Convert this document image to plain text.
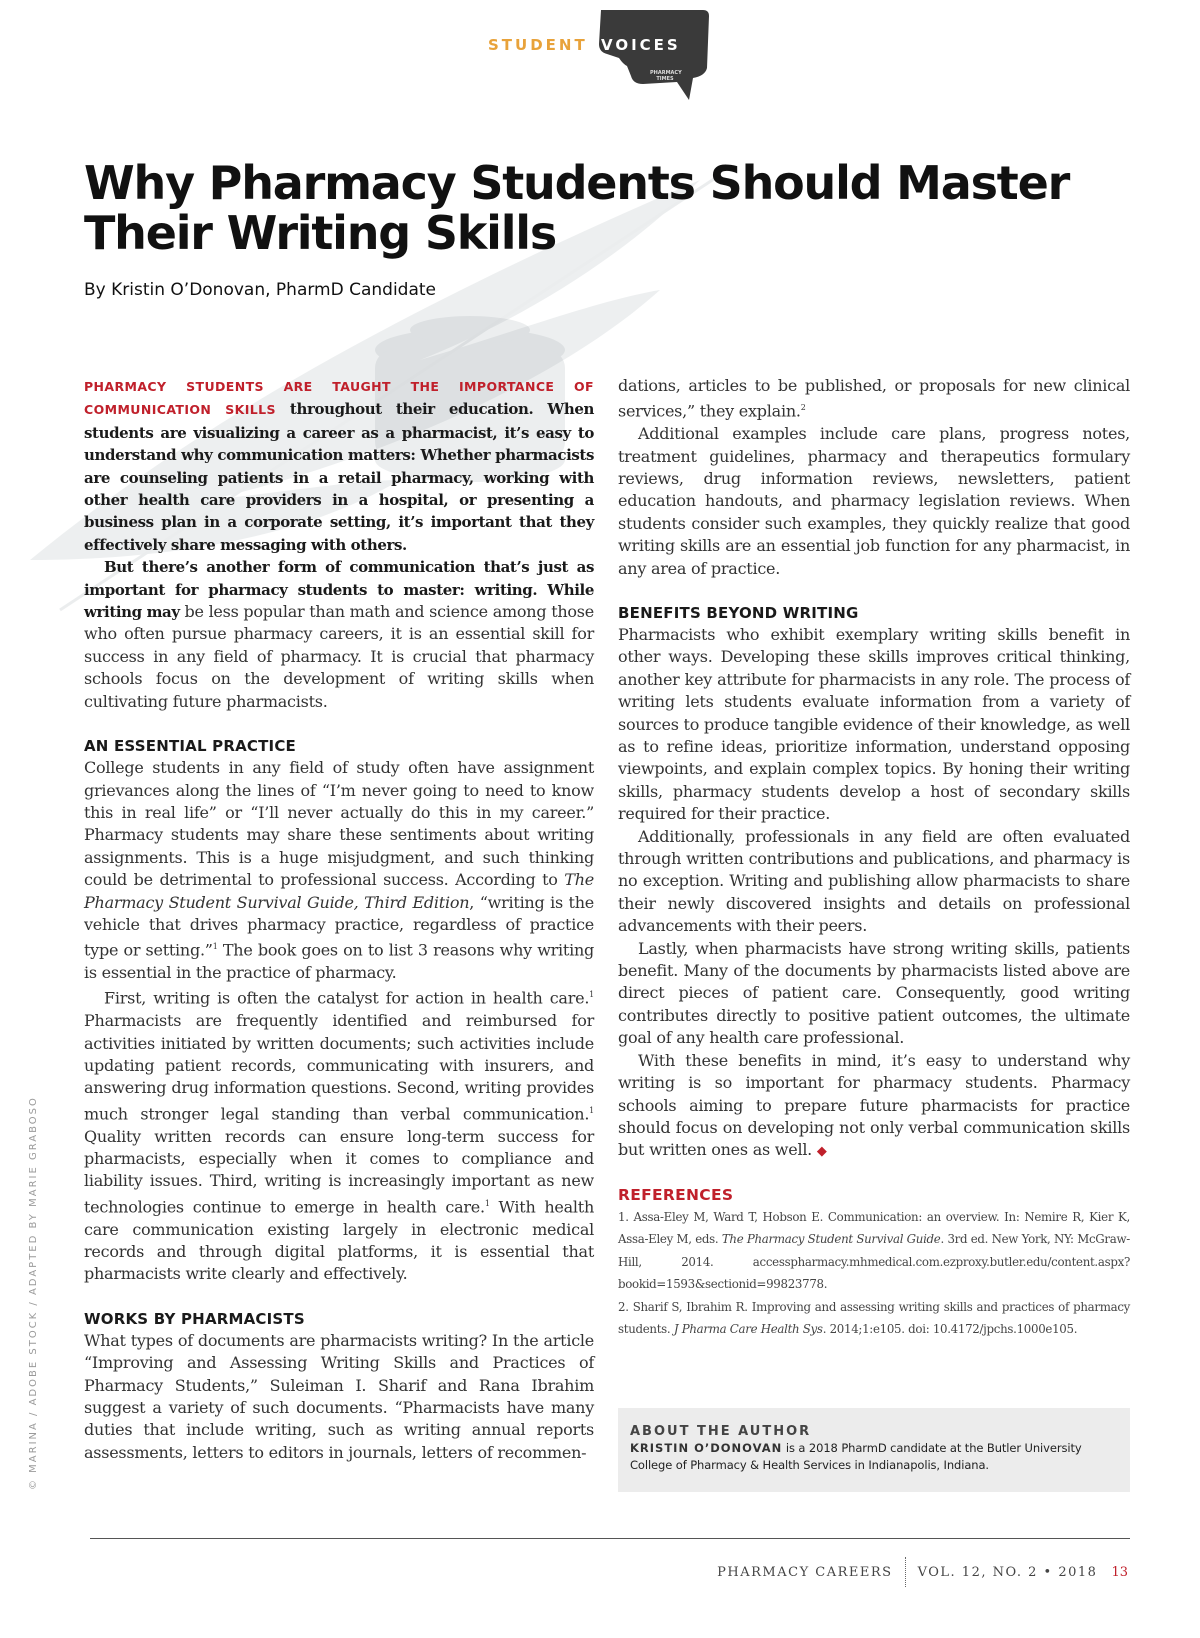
STUDENT VOICES
PHARMACY
TIMES
Why Pharmacy Students Should Master Their Writing Skills
By Kristin O’Donovan, PharmD Candidate

PHARMACY STUDENTS ARE TAUGHT THE IMPORTANCE OF COMMUNICATION SKILLS throughout their education. When students are visualizing a career as a pharmacist, it’s easy to understand why communication matters: Whether pharmacists are counseling patients in a retail pharmacy, working with other health care providers in a hospital, or presenting a business plan in a corporate setting, it’s important that they effectively share messaging with others.

But there’s another form of communication that’s just as important for pharmacy students to master: writing. While writing may be less popular than math and science among those who often pursue pharmacy careers, it is an essential skill for success in any field of pharmacy. It is crucial that pharmacy schools focus on the development of writing skills when cultivating future pharmacists.

AN ESSENTIAL PRACTICE

College students in any field of study often have assignment grievances along the lines of “I’m never going to need to know this in real life” or “I’ll never actually do this in my career.” Pharmacy students may share these sentiments about writing assignments. This is a huge misjudgment, and such thinking could be detrimental to professional success. According to The Pharmacy Student Survival Guide, Third Edition, “writing is the vehicle that drives pharmacy practice, regardless of practice type or setting.”$^1$ The book goes on to list 3 reasons why writing is essential in the practice of pharmacy.

First, writing is often the catalyst for action in health care.$^1$ Pharmacists are frequently identified and reimbursed for activities initiated by written documents; such activities include updating patient records, communicating with insurers, and answering drug information questions. Second, writing provides much stronger legal standing than verbal communication.$^1$ Quality written records can ensure long-term success for pharmacists, especially when it comes to compliance and liability issues. Third, writing is increasingly important as new technologies continue to emerge in health care.$^1$ With health care communication existing largely in electronic medical records and through digital platforms, it is essential that pharmacists write clearly and effectively.

WORKS BY PHARMACISTS

What types of documents are pharmacists writing? In the article “Improving and Assessing Writing Skills and Practices of Pharmacy Students,” Suleiman I. Sharif and Rana Ibrahim suggest a variety of such documents. “Pharmacists have many duties that include writing, such as writing annual reports assessments, letters to editors in journals, letters of recommen-

dations, articles to be published, or proposals for new clinical services,” they explain.$^2$

Additional examples include care plans, progress notes, treatment guidelines, pharmacy and therapeutics formulary reviews, drug information reviews, newsletters, patient education handouts, and pharmacy legislation reviews. When students consider such examples, they quickly realize that good writing skills are an essential job function for any pharmacist, in any area of practice.

BENEFITS BEYOND WRITING

Pharmacists who exhibit exemplary writing skills benefit in other ways. Developing these skills improves critical thinking, another key attribute for pharmacists in any role. The process of writing lets students evaluate information from a variety of sources to produce tangible evidence of their knowledge, as well as to refine ideas, prioritize information, understand opposing viewpoints, and explain complex topics. By honing their writing skills, pharmacy students develop a host of secondary skills required for their practice.

Additionally, professionals in any field are often evaluated through written contributions and publications, and pharmacy is no exception. Writing and publishing allow pharmacists to share their newly discovered insights and details on professional advancements with their peers.

Lastly, when pharmacists have strong writing skills, patients benefit. Many of the documents by pharmacists listed above are direct pieces of patient care. Consequently, good writing contributes directly to positive patient outcomes, the ultimate goal of any health care professional.

With these benefits in mind, it’s easy to understand why writing is so important for pharmacy students. Pharmacy schools aiming to prepare future pharmacists for practice should focus on developing not only verbal communication skills but written ones as well. ◆

REFERENCES

1. Assa-Eley M, Ward T, Hobson E. Communication: an overview. In: Nemire R, Kier K, Assa-Eley M, eds. The Pharmacy Student Survival Guide. 3rd ed. New York, NY: McGraw-Hill, 2014. accesspharmacy.mhmedical.com.ezproxy.butler.edu/content.aspx?bookid=1593&sectionid=99823778.

2. Sharif S, Ibrahim R. Improving and assessing writing skills and practices of pharmacy students. J Pharma Care Health Sys. 2014;1:e105. doi: 10.4172/jpchs.1000e105.

ABOUT THE AUTHOR
KRISTIN O’DONOVAN is a 2018 PharmD candidate at the Butler University College of Pharmacy & Health Services in Indianapolis, Indiana.
© MARINA / ADOBE STOCK / ADAPTED BY MARIE GRABOSO
PHARMACY CAREERS VOL. 12, NO. 2 • 2018 13
